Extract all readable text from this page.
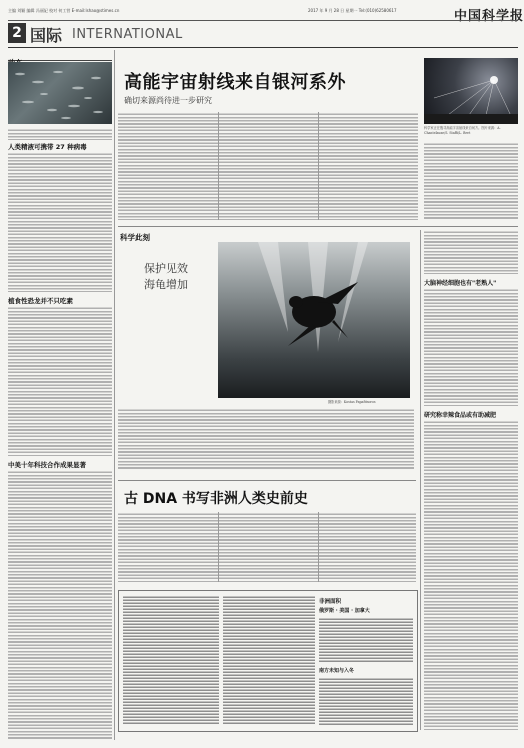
主编 刘颖 编辑 冯丽妃 校对 何工营 E-mail:lshao@stimes.cn	2017 年 9 月 28 日 星期一 Tel:(010)62580617	中国科学报
2 国际 INTERNATIONAL
人类精液可携带 27 种病毒
植食性恐龙并不只吃素
中美十年科技合作成果显著
高能宇宙射线来自银河系外
确切来源尚待进一步研究
科学家正在搜寻高能宇宙射线来自何方。图片来源：A. Chantelauze/S. Staffi/L. Bret
科学此刻
保护见效
海龟增加
摄影来源：Kostas Papafitsoros
大脑神经细胞也有"老熟人"
研究称幸辣食品或有助减肥
古 DNA 书写非洲人类史前史
非洲面积
俄罗斯 · 美国 · 加拿大
南方未知与入冬
